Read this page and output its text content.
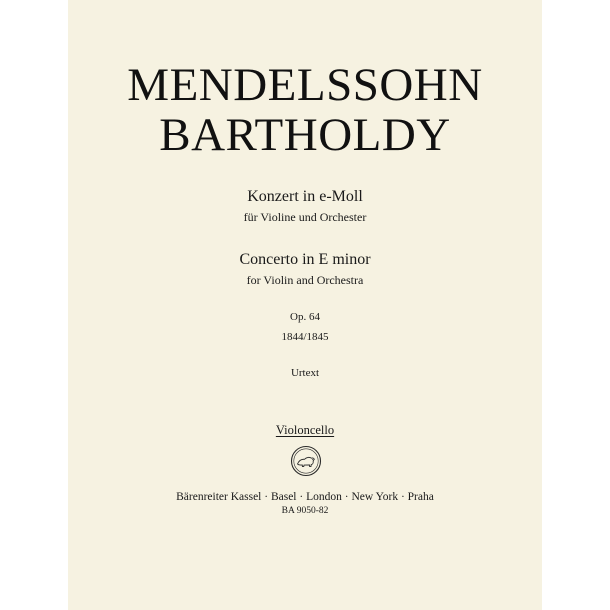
MENDELSSOHN
BARTHOLDY
Konzert in e-Moll
für Violine und Orchester
Concerto in E minor
for Violin and Orchestra
Op. 64
1844/1845
Urtext
Violoncello
Bärenreiter Kassel · Basel · London · New York · Praha
BA 9050-82
